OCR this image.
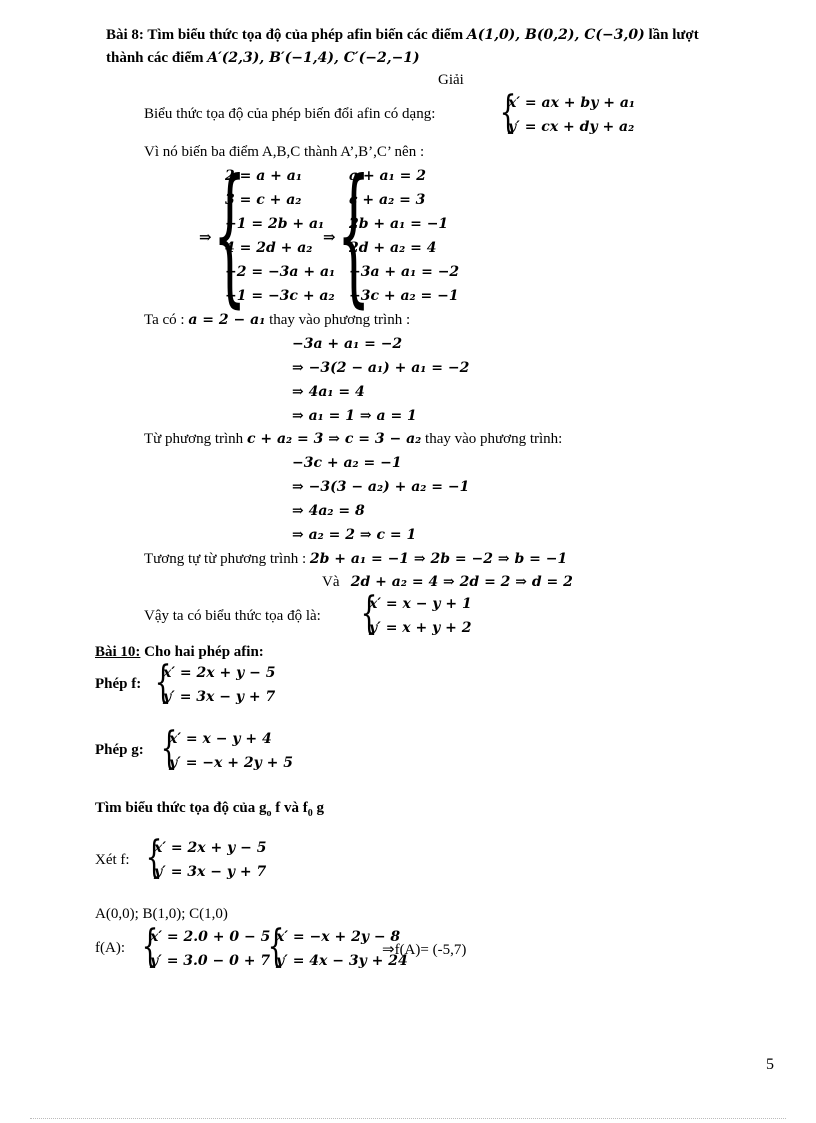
Bài 8: Tìm biểu thức tọa độ của phép afin biến các điểm A(1,0), B(0,2), C(−3,0) lần lượt
thành các điểm A′(2,3), B′(−1,4), C′(−2,−1)
Giải
Biểu thức tọa độ của phép biến đổi afin có dạng: {
x′ = ax + by + a₁
y′ = cx + dy + a₂
Vì nó biến ba điểm A,B,C thành A’,B’,C’ nên :
⇒ {
2 = a + a₁
3 = c + a₂
−1 = 2b + a₁
4 = 2d + a₂
−2 = −3a + a₁
−1 = −3c + a₂
⇒ {
a + a₁ = 2
c + a₂ = 3
2b + a₁ = −1
2d + a₂ = 4
−3a + a₁ = −2
−3c + a₂ = −1
Ta có : a = 2 − a₁ thay vào phương trình :
−3a + a₁ = −2
⇒ −3(2 − a₁) + a₁ = −2
⇒ 4a₁ = 4
⇒ a₁ = 1 ⇒ a = 1
Từ phương trình c + a₂ = 3 ⇒ c = 3 − a₂ thay vào phương trình:
−3c + a₂ = −1
⇒ −3(3 − a₂) + a₂ = −1
⇒ 4a₂ = 8
⇒ a₂ = 2 ⇒ c = 1
Tương tự từ phương trình : 2b + a₁ = −1 ⇒ 2b = −2 ⇒ b = −1
Và 2d + a₂ = 4 ⇒ 2d = 2 ⇒ d = 2
Vậy ta có biểu thức tọa độ là: {
x′ = x − y + 1
y′ = x + y + 2
Bài 10: Cho hai phép afin:
Phép f: {
x′ = 2x + y − 5
y′ = 3x − y + 7
Phép g: {
x′ = x − y + 4
y′ = −x + 2y + 5
Tìm biểu thức tọa độ của $g_o$ f và $f_0$ g
Xét f: {
x′ = 2x + y − 5
y′ = 3x − y + 7
A(0,0); B(1,0); C(1,0)
f(A): {
x′ = 2.0 + 0 − 5
y′ = 3.0 − 0 + 7
{
x′ = −x + 2y − 8
y′ = 4x − 3y + 24
⇒f(A)= (-5,7)
5
